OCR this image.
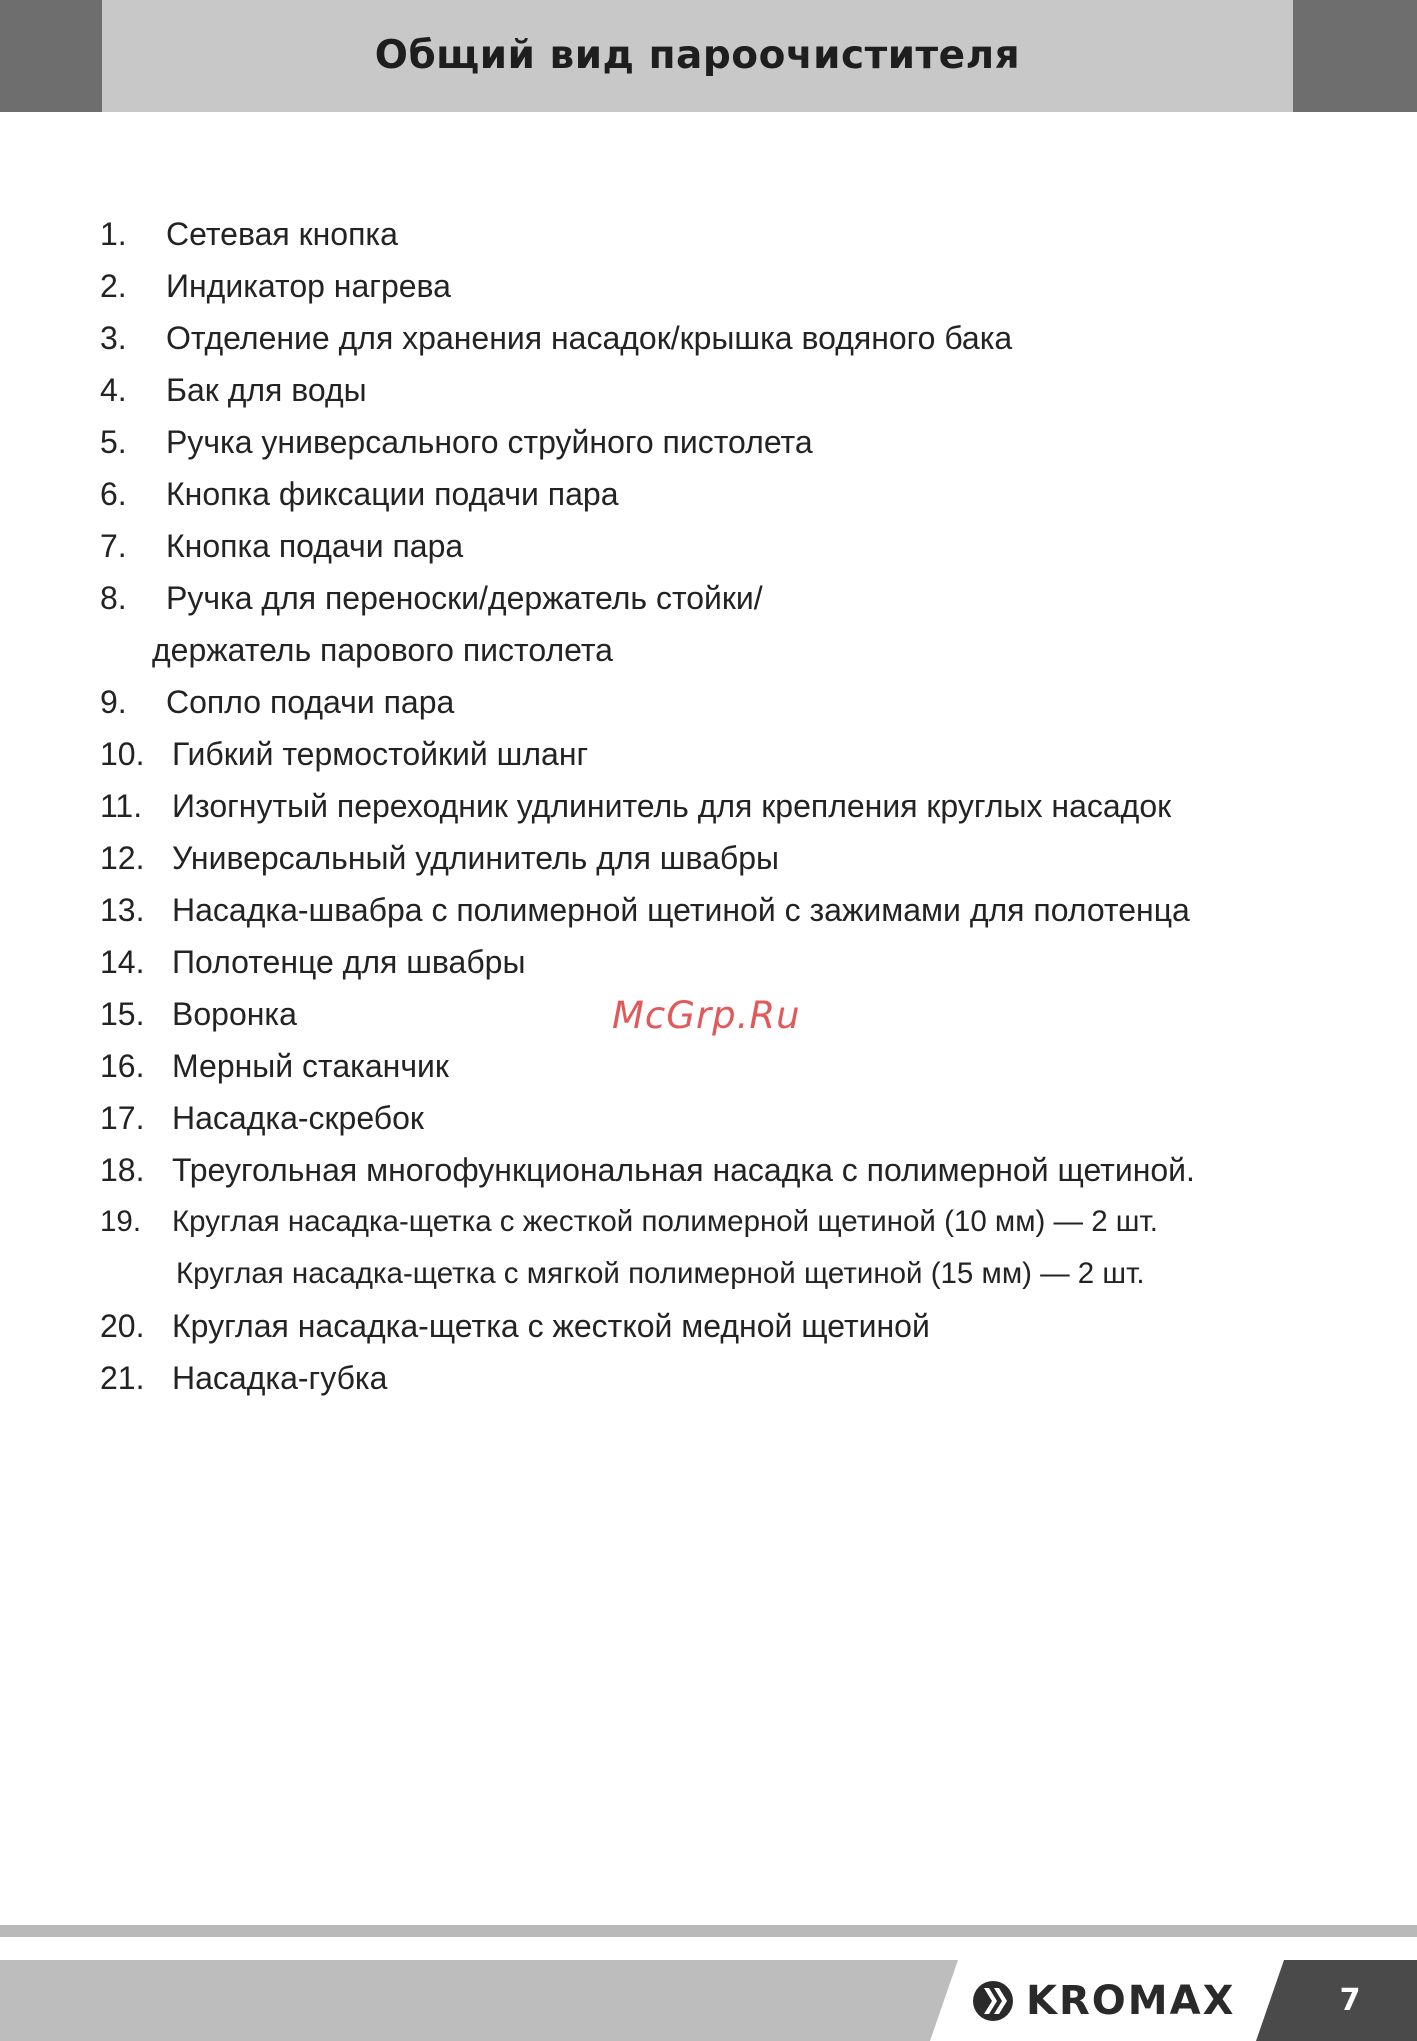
Общий вид пароочистителя
1.	Сетевая кнопка
2.	Индикатор нагрева
3.	Отделение для хранения насадок/крышка водяного бака
4.	Бак для воды
5.	Ручка универсального струйного пистолета
6.	Кнопка фиксации подачи пара
7.	Кнопка подачи пара
8.	Ручка для переноски/держатель стойки/
держатель парового пистолета
9.	Сопло подачи пара
10. Гибкий термостойкий шланг
11. Изогнутый переходник удлинитель для крепления круглых насадок
12. Универсальный удлинитель для швабры
13. Насадка-швабра с полимерной щетиной с зажимами для полотенца
14. Полотенце для швабры
15. Воронка
16. Мерный стаканчик
17. Насадка-скребок
18. Треугольная многофункциональная насадка с полимерной щетиной.
19.	Круглая насадка-щетка с жесткой полимерной щетиной (10 мм) — 2 шт.
Круглая насадка-щетка с мягкой полимерной щетиной (15 мм) — 2 шт.
20. Круглая насадка-щетка с жесткой медной щетиной
21. Насадка-губка
McGrp.Ru
KROMAX	7
